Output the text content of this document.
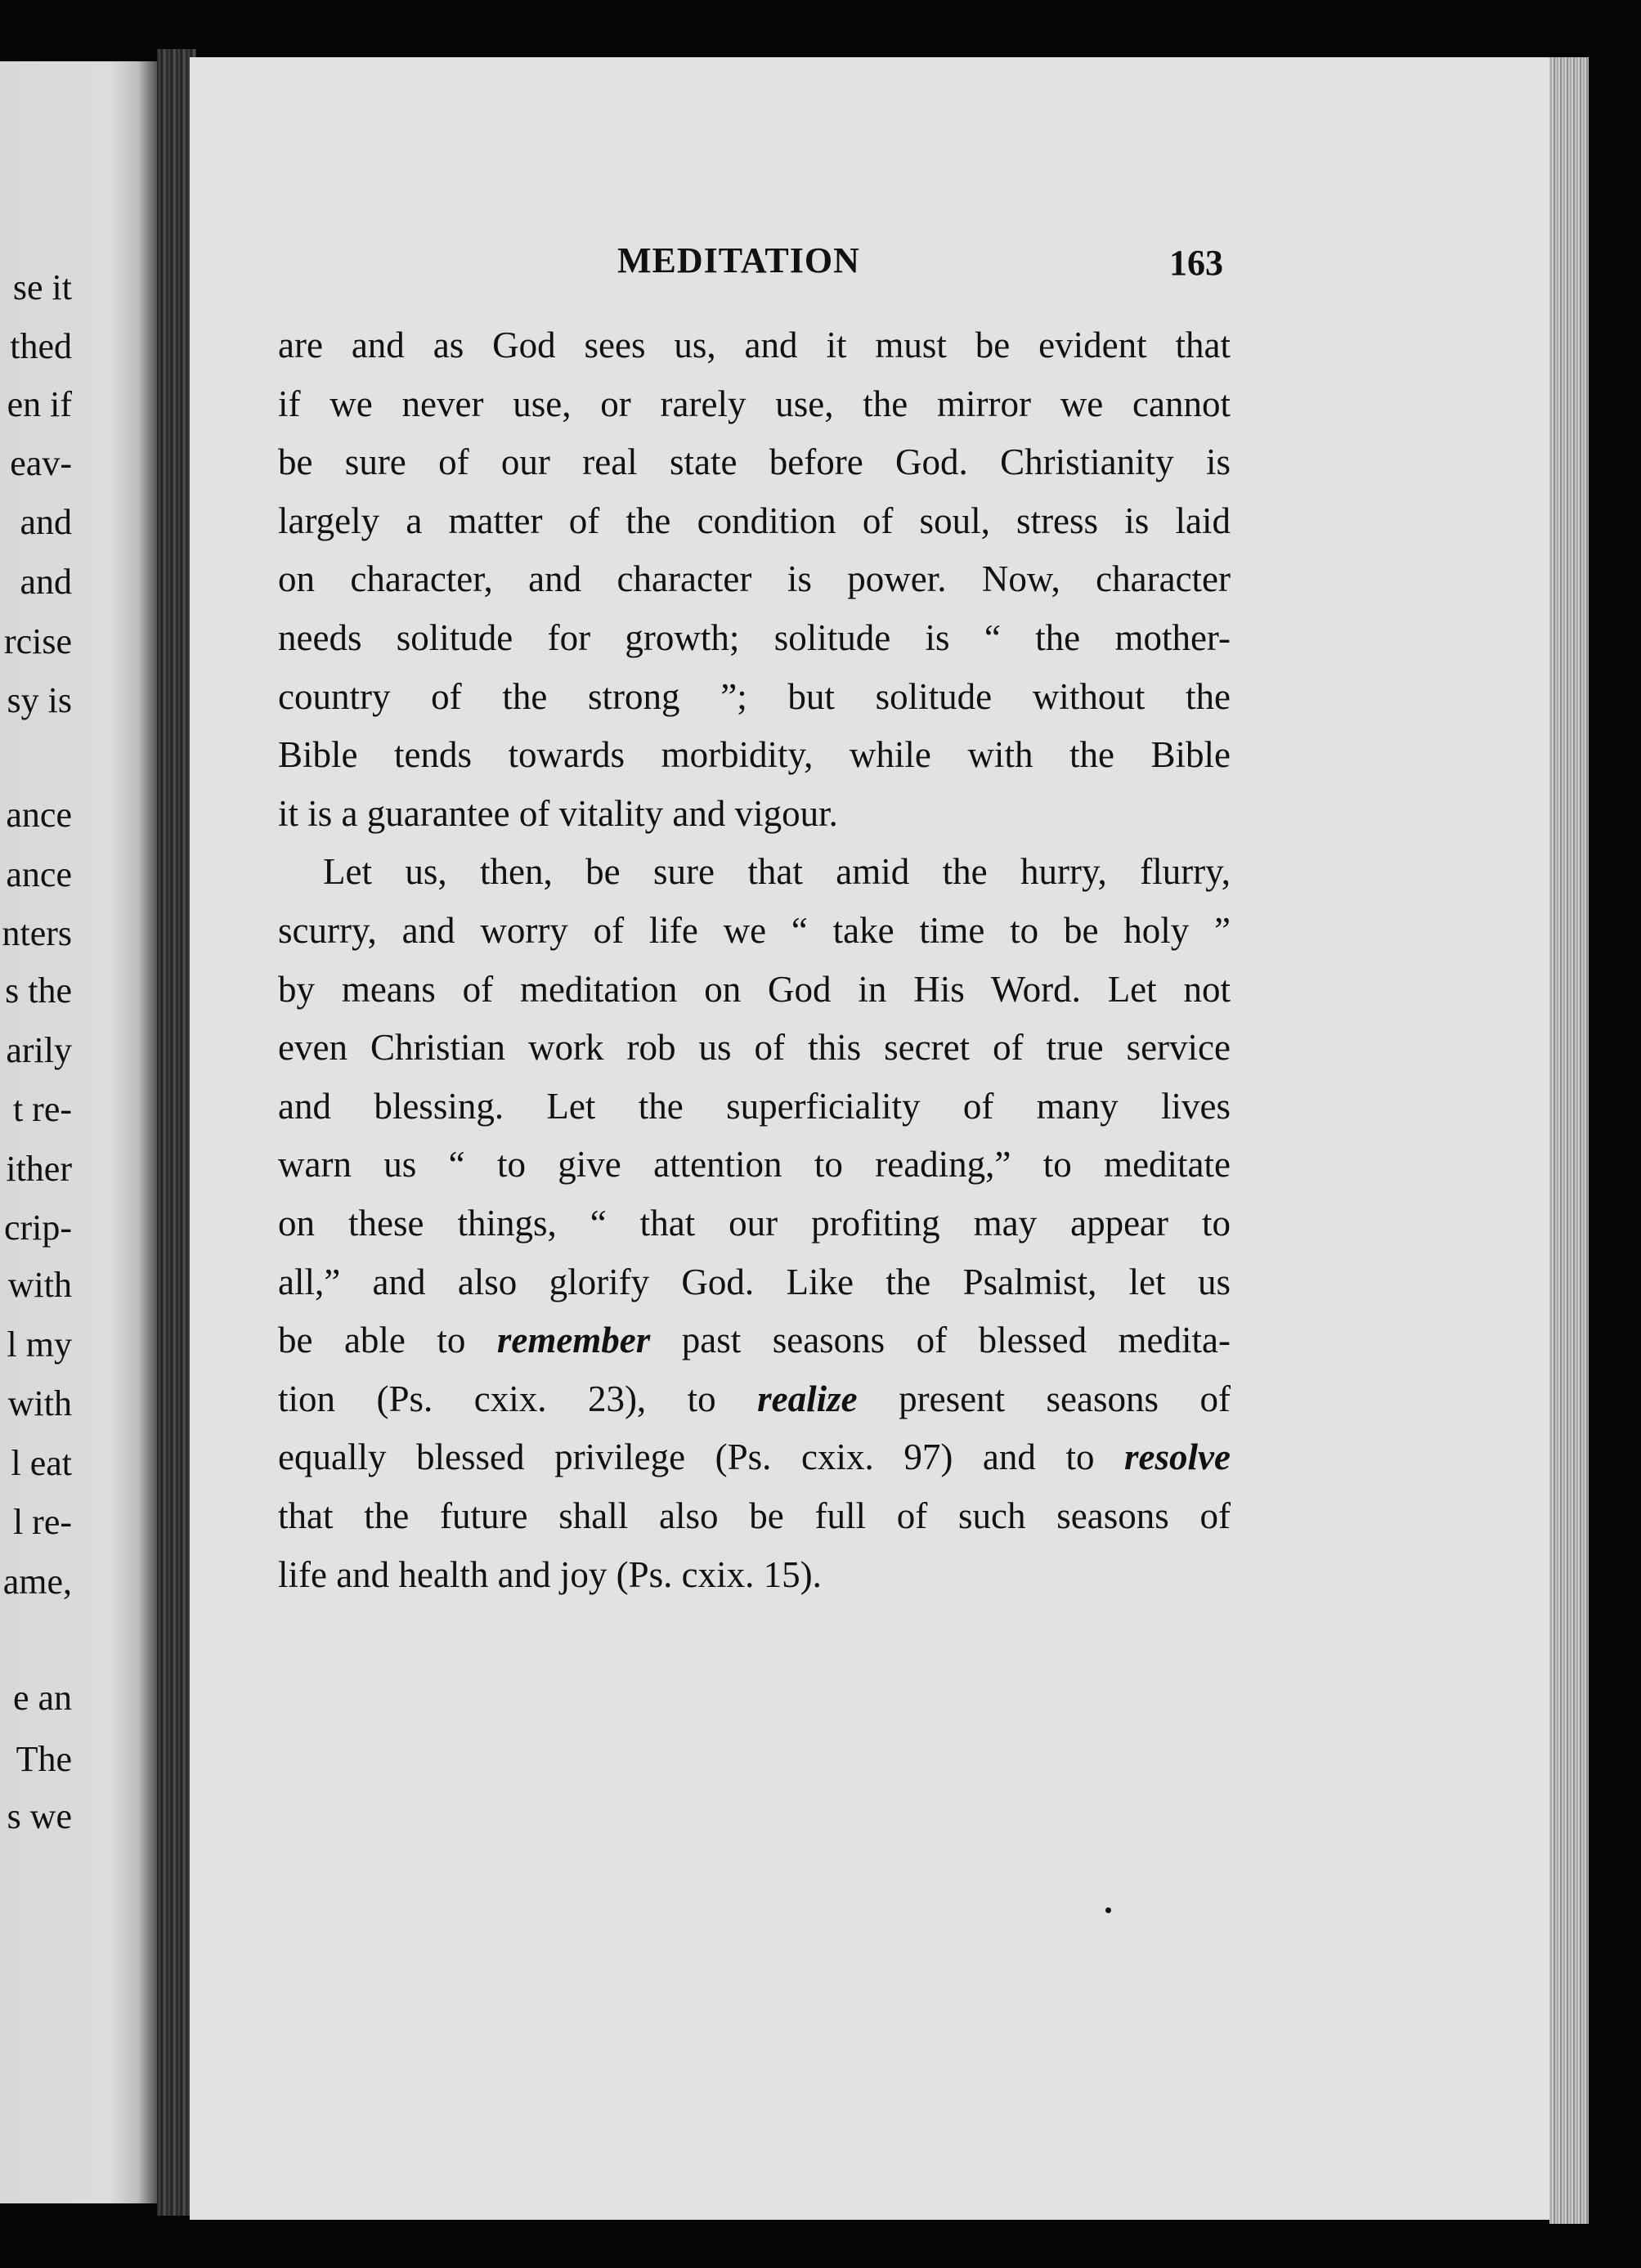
se it
thed
en if
eav-
and
and
rcise
sy is
ance
ance
nters
s the
arily
t re-
ither
crip-
with
l my
with
l eat
l re-
ame,
e an
The
s we
MEDITATION	163
are and as God sees us, and it must be evident that
if we never use, or rarely use, the mirror we cannot
be sure of our real state before God. Christianity is
largely a matter of the condition of soul, stress is laid
on character, and character is power. Now, character
needs solitude for growth; solitude is “ the mother-
country of the strong ”; but solitude without the
Bible tends towards morbidity, while with the Bible
it is a guarantee of vitality and vigour.
Let us, then, be sure that amid the hurry, flurry,
scurry, and worry of life we “ take time to be holy ”
by means of meditation on God in His Word. Let not
even Christian work rob us of this secret of true service
and blessing. Let the superficiality of many lives
warn us “ to give attention to reading,” to meditate
on these things, “ that our profiting may appear to
all,” and also glorify God. Like the Psalmist, let us
be able to remember past seasons of blessed medita-
tion (Ps. cxix. 23), to realize present seasons of
equally blessed privilege (Ps. cxix. 97) and to resolve
that the future shall also be full of such seasons of
life and health and joy (Ps. cxix. 15).
